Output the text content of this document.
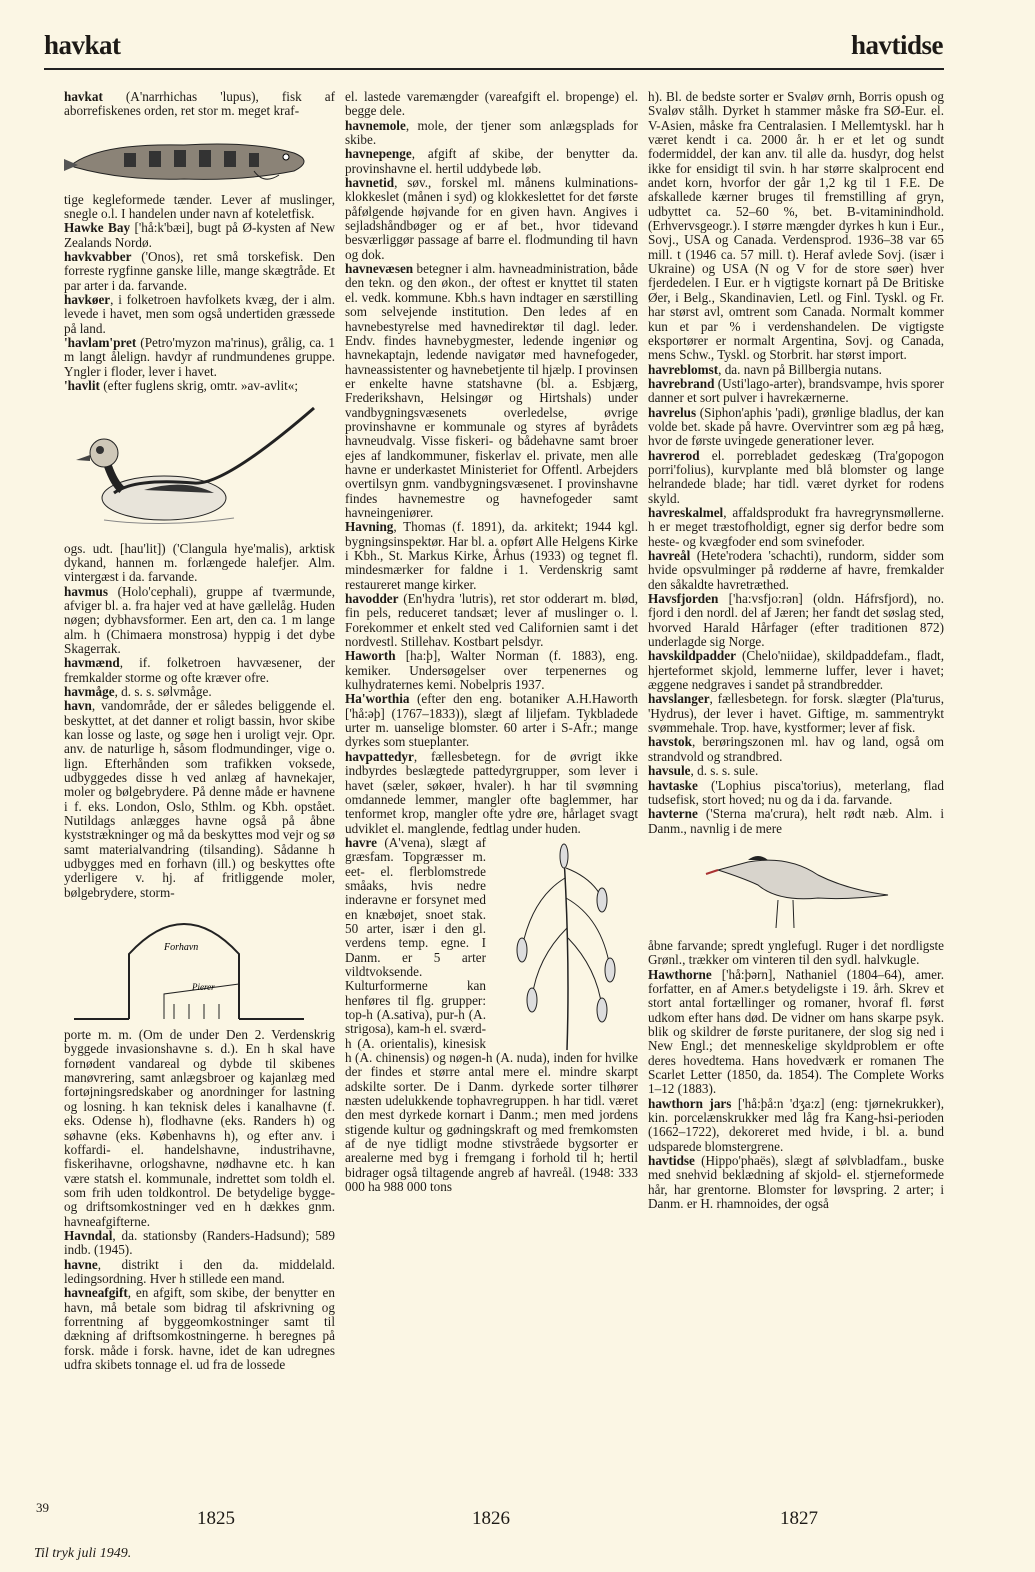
havkat	havtidse

havkat (A'narrhichas 'lupus), fisk af aborrefiskenes orden, ret stor m. meget kraf-

tige kegleformede tænder. Lever af muslinger, snegle o.l. I handelen under navn af koteletfisk.

Hawke Bay ['hå:k'bæi], bugt på Ø-kysten af New Zealands Nordø.

havkvabber ('Onos), ret små torskefisk. Den forreste rygfinne ganske lille, mange skægtråde. Et par arter i da. farvande.

havkøer, i folketroen havfolkets kvæg, der i alm. levede i havet, men som også undertiden græssede på land.

'havlam'pret (Petro'myzon ma'rinus), grålig, ca. 1 m langt ålelign. havdyr af rundmundenes gruppe. Yngler i floder, lever i havet.

'havlit (efter fuglens skrig, omtr. »av-avlit«;

ogs. udt. [hau'lit]) ('Clangula hye'malis), arktisk dykand, hannen m. forlængede halefjer. Alm. vintergæst i da. farvande.

havmus (Holo'cephali), gruppe af tværmunde, afviger bl. a. fra hajer ved at have gællelåg. Huden nøgen; dybhavsformer. Een art, den ca. 1 m lange alm. h (Chimaera monstrosa) hyppig i det dybe Skagerrak.

havmænd, if. folketroen havvæsener, der fremkalder storme og ofte kræver ofre.

havmåge, d. s. s. sølvmåge.

havn, vandområde, der er således beliggende el. beskyttet, at det danner et roligt bassin, hvor skibe kan losse og laste, og søge hen i uroligt vejr. Opr. anv. de naturlige h, såsom flodmundinger, vige o. lign. Efterhånden som trafikken voksede, udbyggedes disse h ved anlæg af havnekajer, moler og bølgebrydere. På denne måde er havnene i f. eks. London, Oslo, Sthlm. og Kbh. opstået. Nutildags anlægges havne også på åbne kyststrækninger og må da beskyttes mod vejr og sø samt materialvandring (tilsanding). Sådanne h udbygges med en forhavn (ill.) og beskyttes ofte yderligere v. hj. af fritliggende moler, bølgebrydere, storm-

Forhavn
Pierer

porte m. m. (Om de under Den 2. Verdenskrig byggede invasionshavne s. d.). En h skal have fornødent vandareal og dybde til skibenes manøvrering, samt anlægsbroer og kajanlæg med fortøjningsredskaber og anordninger for lastning og losning. h kan teknisk deles i kanalhavne (f. eks. Odense h), flodhavne (eks. Randers h) og søhavne (eks. Københavns h), og efter anv. i koffardi- el. handelshavne, industrihavne, fiskerihavne, orlogshavne, nødhavne etc. h kan være statsh el. kommunale, indrettet som toldh el. som frih uden toldkontrol. De betydelige bygge- og driftsomkostninger ved en h dækkes gnm. havneafgifterne.

Havndal, da. stationsby (Randers-Hadsund); 589 indb. (1945).

havne, distrikt i den da. middelald. ledingsordning. Hver h stillede een mand.

havneafgift, en afgift, som skibe, der benytter en havn, må betale som bidrag til afskrivning og forrentning af byggeomkostninger samt til dækning af driftsomkostningerne. h beregnes på forsk. måde i forsk. havne, idet de kan udregnes udfra skibets tonnage el. ud fra de lossede

el. lastede varemængder (vareafgift el. bropenge) el. begge dele.

havnemole, mole, der tjener som anlægsplads for skibe.

havnepenge, afgift af skibe, der benytter da. provinshavne el. hertil uddybede løb.

havnetid, søv., forskel ml. månens kulminations-klokkeslet (månen i syd) og klokkeslettet for det første påfølgende højvande for en given havn. Angives i sejladshåndbøger og er af bet., hvor tidevand besværliggør passage af barre el. flodmunding til havn og dok.

havnevæsen betegner i alm. havneadministration, både den tekn. og den økon., der oftest er knyttet til staten el. vedk. kommune. Kbh.s havn indtager en særstilling som selvejende institution. Den ledes af en havnebestyrelse med havnedirektør til dagl. leder. Endv. findes havnebygmester, ledende ingeniør og havnekaptajn, ledende navigatør med havnefogeder, havneassistenter og havnebetjente til hjælp. I provinsen er enkelte havne statshavne (bl. a. Esbjærg, Frederikshavn, Helsingør og Hirtshals) under vandbygningsvæsenets overledelse, øvrige provinshavne er kommunale og styres af byrådets havneudvalg. Visse fiskeri- og bådehavne samt broer ejes af landkommuner, fiskerlav el. private, men alle havne er underkastet Ministeriet for Offentl. Arbejders overtilsyn gnm. vandbygningsvæsenet. I provinshavne findes havnemestre og havnefogeder samt havneingeniører.

Havning, Thomas (f. 1891), da. arkitekt; 1944 kgl. bygningsinspektør. Har bl. a. opført Alle Helgens Kirke i Kbh., St. Markus Kirke, Århus (1933) og tegnet fl. mindesmærker for faldne i 1. Verdenskrig samt restaureret mange kirker.

havodder (En'hydra 'lutris), ret stor odderart m. blød, fin pels, reduceret tandsæt; lever af muslinger o. l. Forekommer et enkelt sted ved Californien samt i det nordvestl. Stillehav. Kostbart pelsdyr.

Haworth [ha:þ], Walter Norman (f. 1883), eng. kemiker. Undersøgelser over terpenernes og kulhydraternes kemi. Nobelpris 1937.

Ha'worthia (efter den eng. botaniker A.H.Haworth ['hå:əþ] (1767–1833)), slægt af liljefam. Tykbladede urter m. uanselige blomster. 60 arter i S-Afr.; mange dyrkes som stueplanter.

havpattedyr, fællesbetegn. for de øvrigt ikke indbyrdes beslægtede pattedyrgrupper, som lever i havet (sæler, søkøer, hvaler). h har til svømning omdannede lemmer, mangler ofte baglemmer, har tenformet krop, mangler ofte ydre øre, hårlaget svagt udviklet el. manglende, fedtlag under huden.

havre (A'vena), slægt af græsfam. Topgræsser m. eet- el. flerblomstrede småaks, hvis nedre inderavne er forsynet med en knæbøjet, snoet stak. 50 arter, især i den gl. verdens temp. egne. I Danm. er 5 arter vildtvoksende. Kulturformerne kan henføres til flg. grupper: top-h (A.sativa), pur-h (A. strigosa), kam-h el. sværd-h (A. orientalis), kinesisk h (A. chinensis) og nøgen-h (A. nuda), inden for hvilke der findes et større antal mere el. mindre skarpt adskilte sorter. De i Danm. dyrkede sorter tilhører næsten udelukkende tophavregruppen. h har tidl. været den mest dyrkede kornart i Danm.; men med jordens stigende kultur og gødningskraft og med fremkomsten af de nye tidligt modne stivstråede bygsorter er arealerne med byg i fremgang i forhold til h; hertil bidrager også tiltagende angreb af havreål. (1948: 333 000 ha 988 000 tons

h). Bl. de bedste sorter er Svaløv ørnh, Borris opush og Svaløv stålh. Dyrket h stammer måske fra SØ-Eur. el. V-Asien, måske fra Centralasien. I Mellemtyskl. har h været kendt i ca. 2000 år. h er et let og sundt fodermiddel, der kan anv. til alle da. husdyr, dog helst ikke for ensidigt til svin. h har større skalprocent end andet korn, hvorfor der går 1,2 kg til 1 F.E. De afskallede kærner bruges til fremstilling af gryn, udbyttet ca. 52–60 %, bet. B-vitaminindhold. (Erhvervsgeogr.). I større mængder dyrkes h kun i Eur., Sovj., USA og Canada. Verdensprod. 1936–38 var 65 mill. t (1946 ca. 57 mill. t). Heraf avlede Sovj. (især i Ukraine) og USA (N og V for de store søer) hver fjerdedelen. I Eur. er h vigtigste kornart på De Britiske Øer, i Belg., Skandinavien, Letl. og Finl. Tyskl. og Fr. har størst avl, omtrent som Canada. Normalt kommer kun et par % i verdenshandelen. De vigtigste eksportører er normalt Argentina, Sovj. og Canada, mens Schw., Tyskl. og Storbrit. har størst import.

havreblomst, da. navn på Billbergia nutans.

havrebrand (Usti'lago-arter), brandsvampe, hvis sporer danner et sort pulver i havrekærnerne.

havrelus (Siphon'aphis 'padi), grønlige bladlus, der kan volde bet. skade på havre. Overvintrer som æg på hæg, hvor de første uvingede generationer lever.

havrerod el. porrebladet gedeskæg (Tra'gopogon porri'folius), kurvplante med blå blomster og lange helrandede blade; har tidl. været dyrket for rodens skyld.

havreskalmel, affaldsprodukt fra havregrynsmøllerne. h er meget træstofholdigt, egner sig derfor bedre som heste- og kvægfoder end som svinefoder.

havreål (Hete'rodera 'schachti), rundorm, sidder som hvide opsvulminger på rødderne af havre, fremkalder den såkaldte havretræthed.

Havsfjorden ['ha:vsfjo:rən] (oldn. Háfrsfjord), no. fjord i den nordl. del af Jæren; her fandt det søslag sted, hvorved Harald Hårfager (efter traditionen 872) underlagde sig Norge.

havskildpadder (Chelo'niidae), skildpaddefam., fladt, hjerteformet skjold, lemmerne luffer, lever i havet; æggene nedgraves i sandet på strandbredder.

havslanger, fællesbetegn. for forsk. slægter (Pla'turus, 'Hydrus), der lever i havet. Giftige, m. sammentrykt svømmehale. Trop. have, kystformer; lever af fisk.

havstok, berøringszonen ml. hav og land, også om strandvold og strandbred.

havsule, d. s. s. sule.

havtaske ('Lophius pisca'torius), meterlang, flad tudsefisk, stort hoved; nu og da i da. farvande.

havterne ('Sterna ma'crura), helt rødt næb. Alm. i Danm., navnlig i de mere

åbne farvande; spredt ynglefugl. Ruger i det nordligste Grønl., trækker om vinteren til den sydl. halvkugle.

Hawthorne ['hå:þərn], Nathaniel (1804–64), amer. forfatter, en af Amer.s betydeligste i 19. årh. Skrev et stort antal fortællinger og romaner, hvoraf fl. først udkom efter hans død. De vidner om hans skarpe psyk. blik og skildrer de første puritanere, der slog sig ned i New Engl.; det menneskelige skyldproblem er ofte deres hovedtema. Hans hovedværk er romanen The Scarlet Letter (1850, da. 1854). The Complete Works 1–12 (1883).

hawthorn jars ['hå:þå:n 'dʒa:z] (eng: tjørnekrukker), kin. porcelænskrukker med låg fra Kang-hsi-perioden (1662–1722), dekoreret med hvide, i bl. a. bund udsparede blomstergrene.

havtidse (Hippo'phaës), slægt af sølvbladfam., buske med snehvid beklædning af skjold- el. stjerneformede hår, har grentorne. Blomster for løvspring. 2 arter; i Danm. er H. rhamnoides, der også

39
1825	1826	1827
Til tryk juli 1949.
